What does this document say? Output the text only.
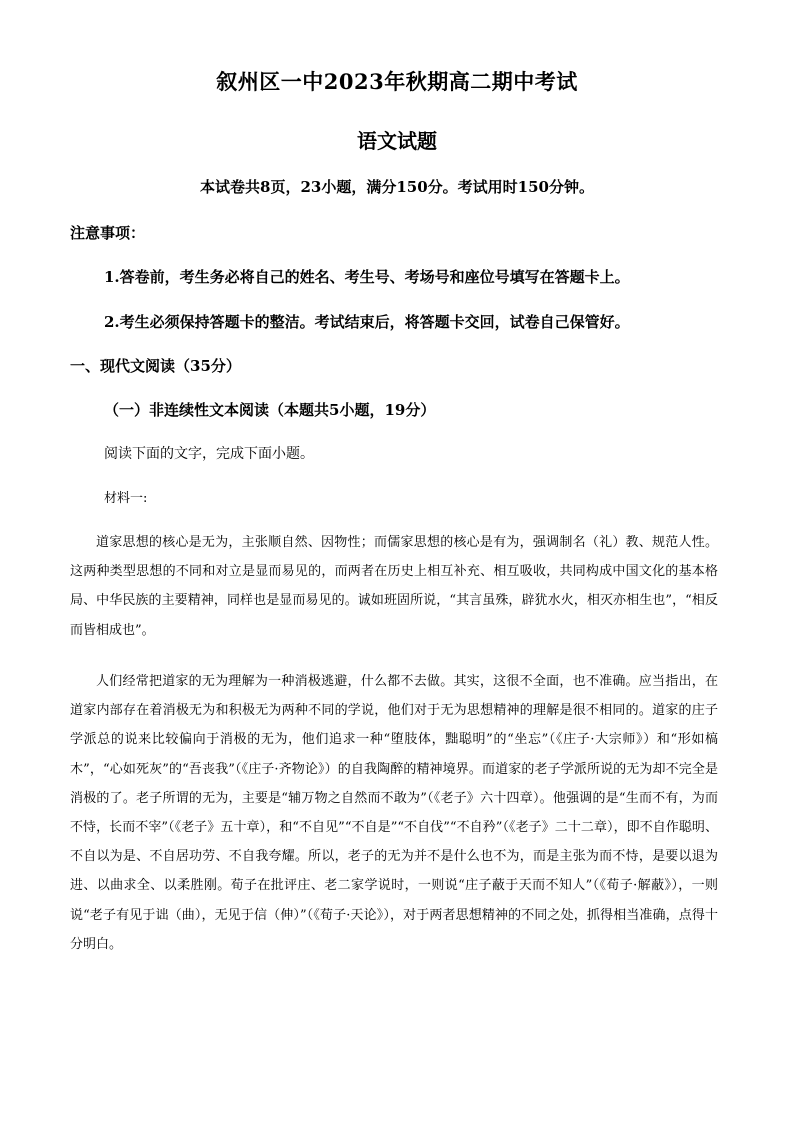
叙州区一中2023年秋期高二期中考试
语文试题
本试卷共8页，23小题，满分150分。考试用时150分钟。
注意事项：
1.答卷前，考生务必将自己的姓名、考生号、考场号和座位号填写在答题卡上。
2.考生必须保持答题卡的整洁。考试结束后，将答题卡交回，试卷自己保管好。
一、现代文阅读（35分）
（一）非连续性文本阅读（本题共5小题，19分）
阅读下面的文字，完成下面小题。
材料一:

道家思想的核心是无为，主张顺自然、因物性；而儒家思想的核心是有为，强调制名（礼）教、规范人性。这两种类型思想的不同和对立是显而易见的，而两者在历史上相互补充、相互吸收，共同构成中国文化的基本格局、中华民族的主要精神，同样也是显而易见的。诚如班固所说，“其言虽殊，辟犹水火，相灭亦相生也”，“相反而皆相成也”。

人们经常把道家的无为理解为一种消极逃避，什么都不去做。其实，这很不全面，也不准确。应当指出，在道家内部存在着消极无为和积极无为两种不同的学说，他们对于无为思想精神的理解是很不相同的。道家的庄子学派总的说来比较偏向于消极的无为，他们追求一种“堕肢体，黜聪明”的“坐忘”（《庄子·大宗师》）和“形如槁木”，“心如死灰”的“吾丧我”（《庄子·齐物论》）的自我陶醉的精神境界。而道家的老子学派所说的无为却不完全是消极的了。老子所谓的无为，主要是“辅万物之自然而不敢为”（《老子》六十四章）。他强调的是“生而不有，为而不恃，长而不宰”（《老子》五十章），和“不自见”“不自是”“不自伐”“不自矜”（《老子》二十二章），即不自作聪明、不自以为是、不自居功劳、不自我夸耀。所以，老子的无为并不是什么也不为，而是主张为而不恃，是要以退为进、以曲求全、以柔胜刚。荀子在批评庄、老二家学说时，一则说“庄子蔽于天而不知人”（《荀子·解蔽》），一则说“老子有见于诎（曲），无见于信（伸）”（《荀子·天论》），对于两者思想精神的不同之处，抓得相当准确，点得十分明白。
